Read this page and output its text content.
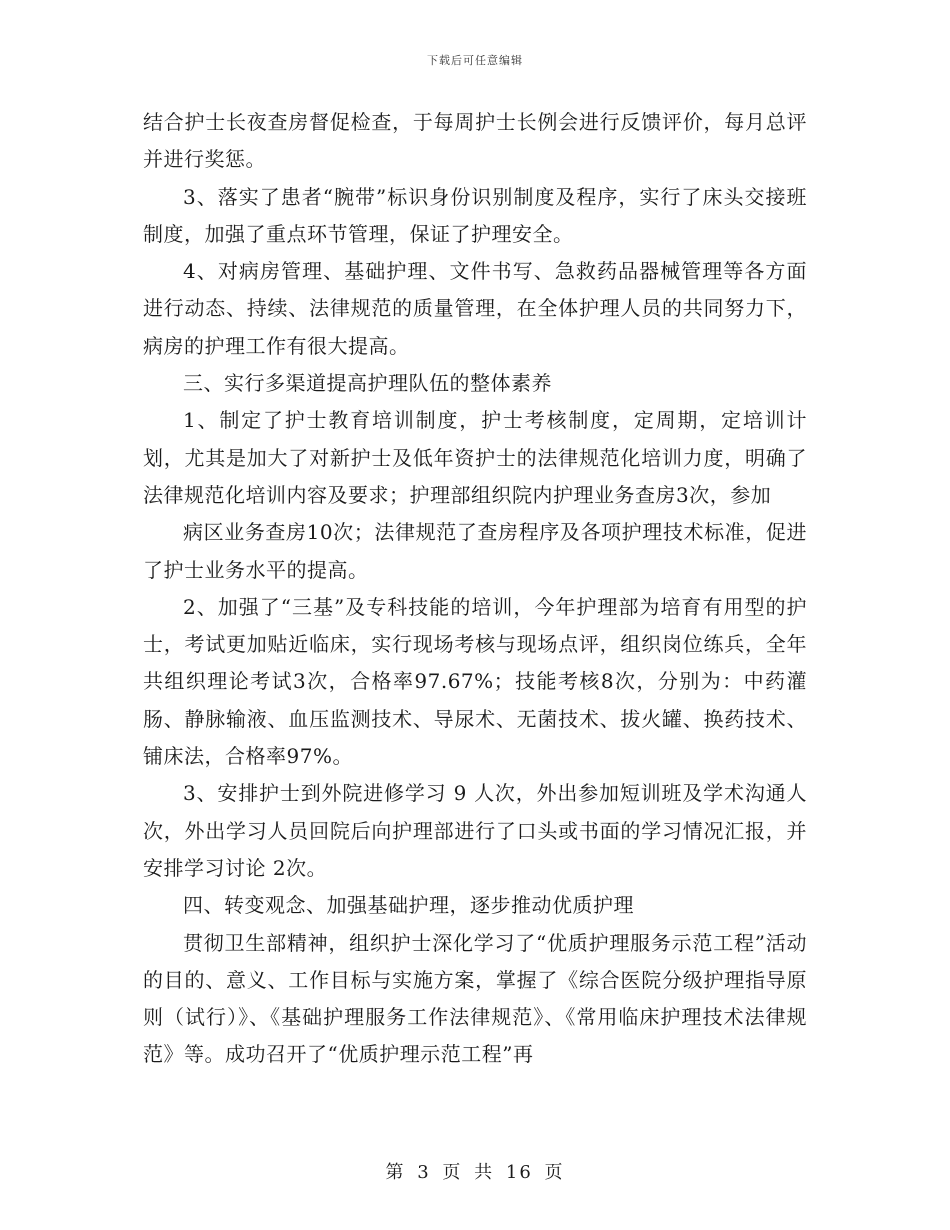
下载后可任意编辑

结合护士长夜查房督促检查，于每周护士长例会进行反馈评价，每月总评并进行奖惩。

3、落实了患者“腕带”标识身份识别制度及程序，实行了床头交接班制度，加强了重点环节管理，保证了护理安全。

4、对病房管理、基础护理、文件书写、急救药品器械管理等各方面进行动态、持续、法律规范的质量管理，在全体护理人员的共同努力下，病房的护理工作有很大提高。

三、实行多渠道提高护理队伍的整体素养

1、制定了护士教育培训制度，护士考核制度，定周期，定培训计划，尤其是加大了对新护士及低年资护士的法律规范化培训力度，明确了法律规范化培训内容及要求；护理部组织院内护理业务查房3次，参加

病区业务查房10次；法律规范了查房程序及各项护理技术标准，促进了护士业务水平的提高。

2、加强了“三基”及专科技能的培训，今年护理部为培育有用型的护士，考试更加贴近临床，实行现场考核与现场点评，组织岗位练兵，全年共组织理论考试3次，合格率97.67%；技能考核8次，分别为：中药灌肠、静脉输液、血压监测技术、导尿术、无菌技术、拔火罐、换药技术、铺床法，合格率97%。

3、安排护士到外院进修学习 9 人次，外出参加短训班及学术沟通人次，外出学习人员回院后向护理部进行了口头或书面的学习情况汇报，并安排学习讨论 2次。

四、转变观念、加强基础护理，逐步推动优质护理

贯彻卫生部精神，组织护士深化学习了“优质护理服务示范工程”活动的目的、意义、工作目标与实施方案，掌握了《综合医院分级护理指导原则（试行）》、《基础护理服务工作法律规范》、《常用临床护理技术法律规范》等。成功召开了“优质护理示范工程”再

第 3 页 共 16 页
